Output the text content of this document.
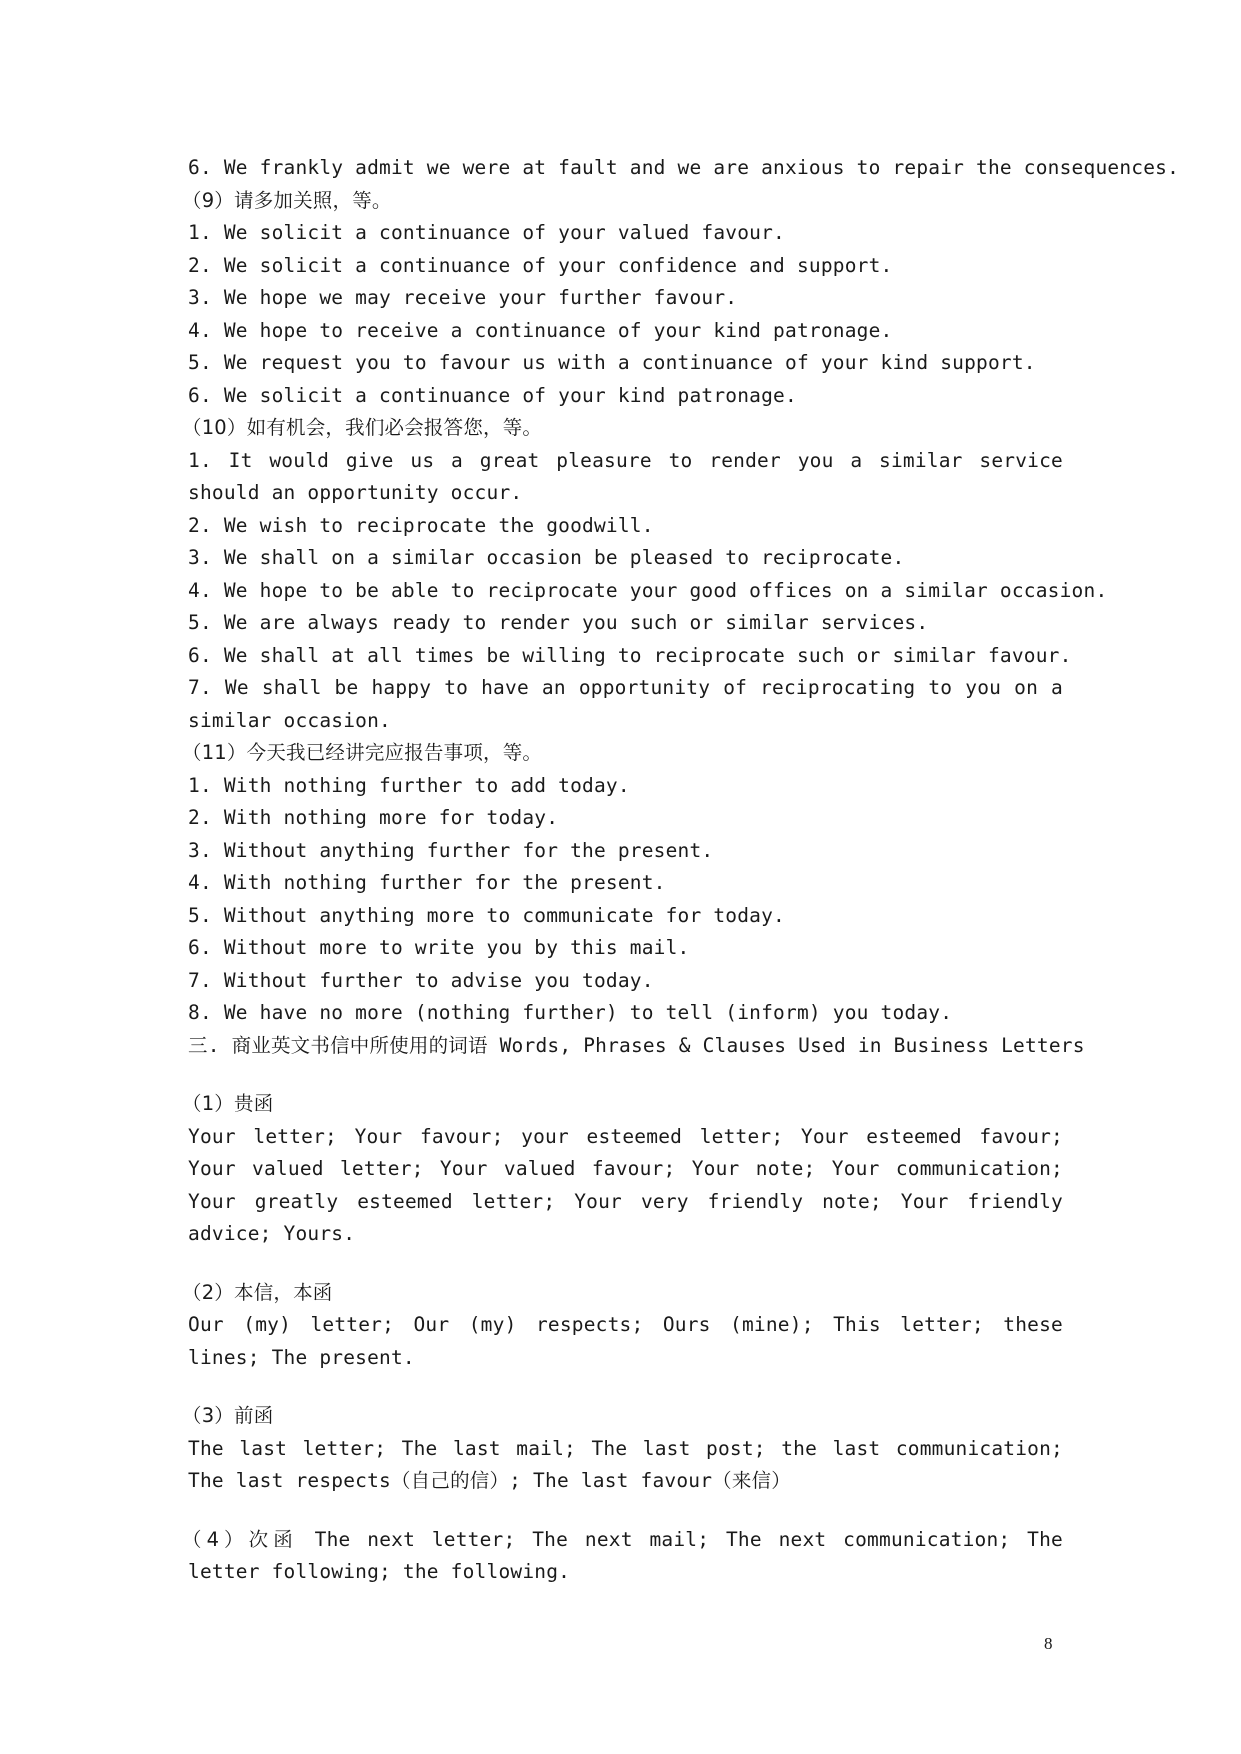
6. We frankly admit we were at fault and we are anxious to repair the consequences.
（9）请多加关照，等。
1. We solicit a continuance of your valued favour.
2. We solicit a continuance of your confidence and support.
3. We hope we may receive your further favour.
4. We hope to receive a continuance of your kind patronage.
5. We request you to favour us with a continuance of your kind support.
6. We solicit a continuance of your kind patronage.
（10）如有机会，我们必会报答您，等。
1. It would give us a great pleasure to render you a similar service should an opportunity occur.
2. We wish to reciprocate the goodwill.
3. We shall on a similar occasion be pleased to reciprocate.
4. We hope to be able to reciprocate your good offices on a similar occasion.
5. We are always ready to render you such or similar services.
6. We shall at all times be willing to reciprocate such or similar favour.
7. We shall be happy to have an opportunity of reciprocating to you on a similar occasion.
（11）今天我已经讲完应报告事项，等。
1. With nothing further to add today.
2. With nothing more for today.
3. Without anything further for the present.
4. With nothing further for the present.
5. Without anything more to communicate for today.
6. Without more to write you by this mail.
7. Without further to advise you today.
8. We have no more (nothing further) to tell (inform) you today.
三. 商业英文书信中所使用的词语 Words, Phrases & Clauses Used in Business Letters
（1）贵函
Your letter; Your favour; your esteemed letter; Your esteemed favour; Your valued letter; Your valued favour; Your note; Your communication; Your greatly esteemed letter; Your very friendly note; Your friendly advice; Yours.
（2）本信，本函
Our (my) letter; Our (my) respects; Ours (mine); This letter; these lines; The present.
（3）前函
The last letter; The last mail; The last post; the last communication; The last respects（自己的信）; The last favour（来信）
（4）次函 The next letter; The next mail; The next communication; The letter following; the following.
8
